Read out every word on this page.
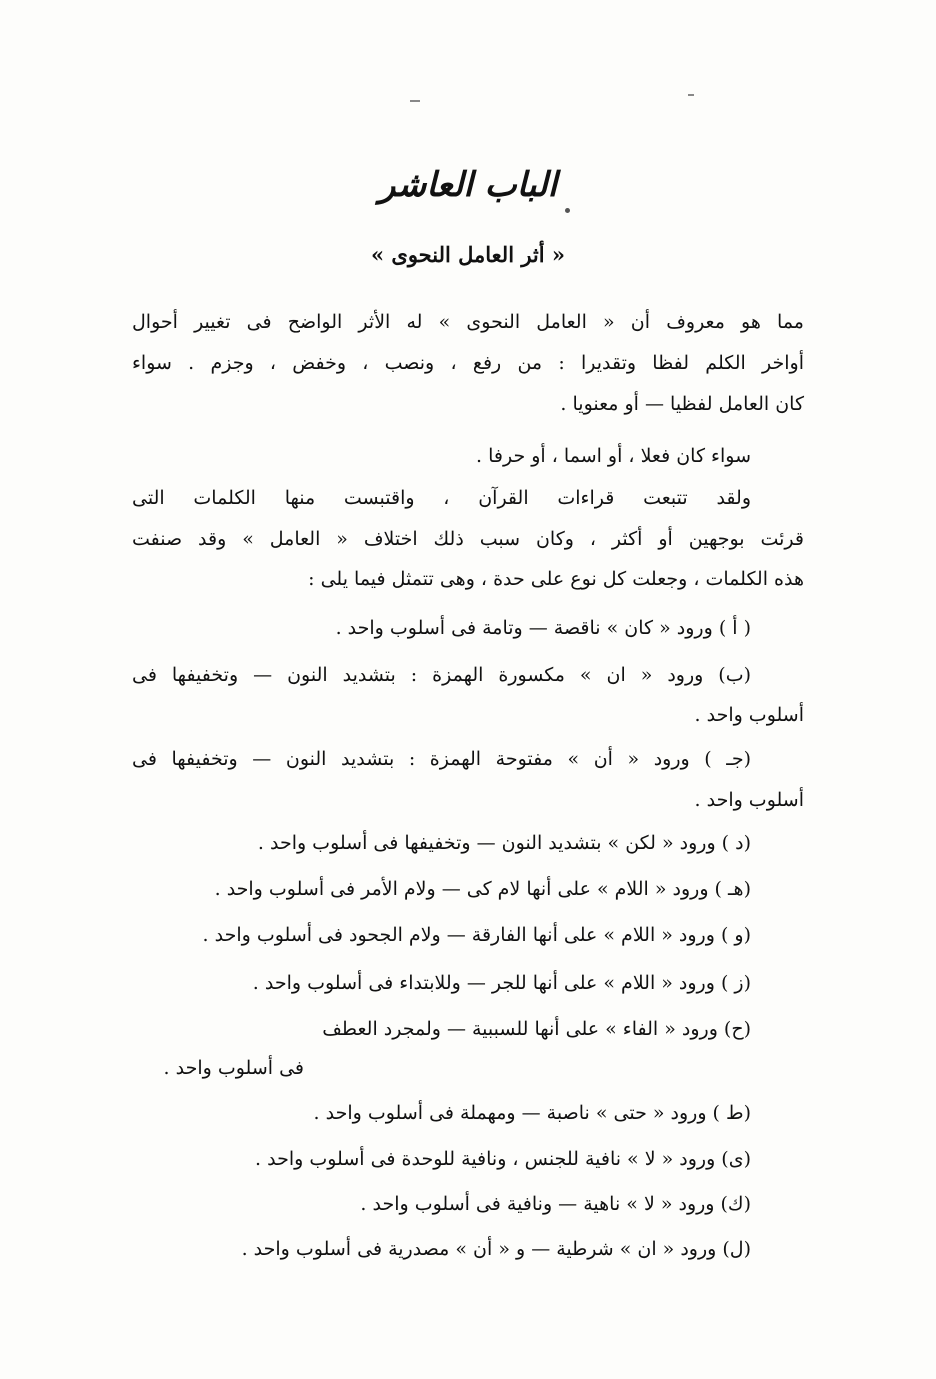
الباب العاشر
« أثر العامل النحوى »
مما هو معروف أن « العامل النحوى » له الأثر الواضح فى تغيير أحوال
أواخر الكلم لفظا وتقديرا : من رفع ، ونصب ، وخفض ، وجزم . سواء
كان العامل لفظيا — أو معنويا .
سواء كان فعلا ، أو اسما ، أو حرفا .
ولقد تتبعت قراءات القرآن ، واقتبست منها الكلمات التى
قرئت بوجهين أو أكثر ، وكان سبب ذلك اختلاف « العامل » وقد صنفت
هذه الكلمات ، وجعلت كل نوع على حدة ، وهى تتمثل فيما يلى :
( أ ) ورود « كان » ناقصة — وتامة فى أسلوب واحد .
(ب) ورود « ان » مكسورة الهمزة : بتشديد النون — وتخفيفها فى
أسلوب واحد .
(جـ ) ورود « أن » مفتوحة الهمزة : بتشديد النون — وتخفيفها فى
أسلوب واحد .
(د ) ورود « لكن » بتشديد النون — وتخفيفها فى أسلوب واحد .
(هـ ) ورود « اللام » على أنها لام كى — ولام الأمر فى أسلوب واحد .
(و ) ورود « اللام » على أنها الفارقة — ولام الجحود فى أسلوب واحد .
(ز ) ورود « اللام » على أنها للجر — وللابتداء فى أسلوب واحد .
(ح) ورود « الفاء » على أنها للسببية — ولمجرد العطف
فى أسلوب واحد .
(ط ) ورود « حتى » ناصبة — ومهملة فى أسلوب واحد .
(ى) ورود « لا » نافية للجنس ، ونافية للوحدة فى أسلوب واحد .
(ك) ورود « لا » ناهية — ونافية فى أسلوب واحد .
(ل) ورود « ان » شرطية — و « أن » مصدرية فى أسلوب واحد .
